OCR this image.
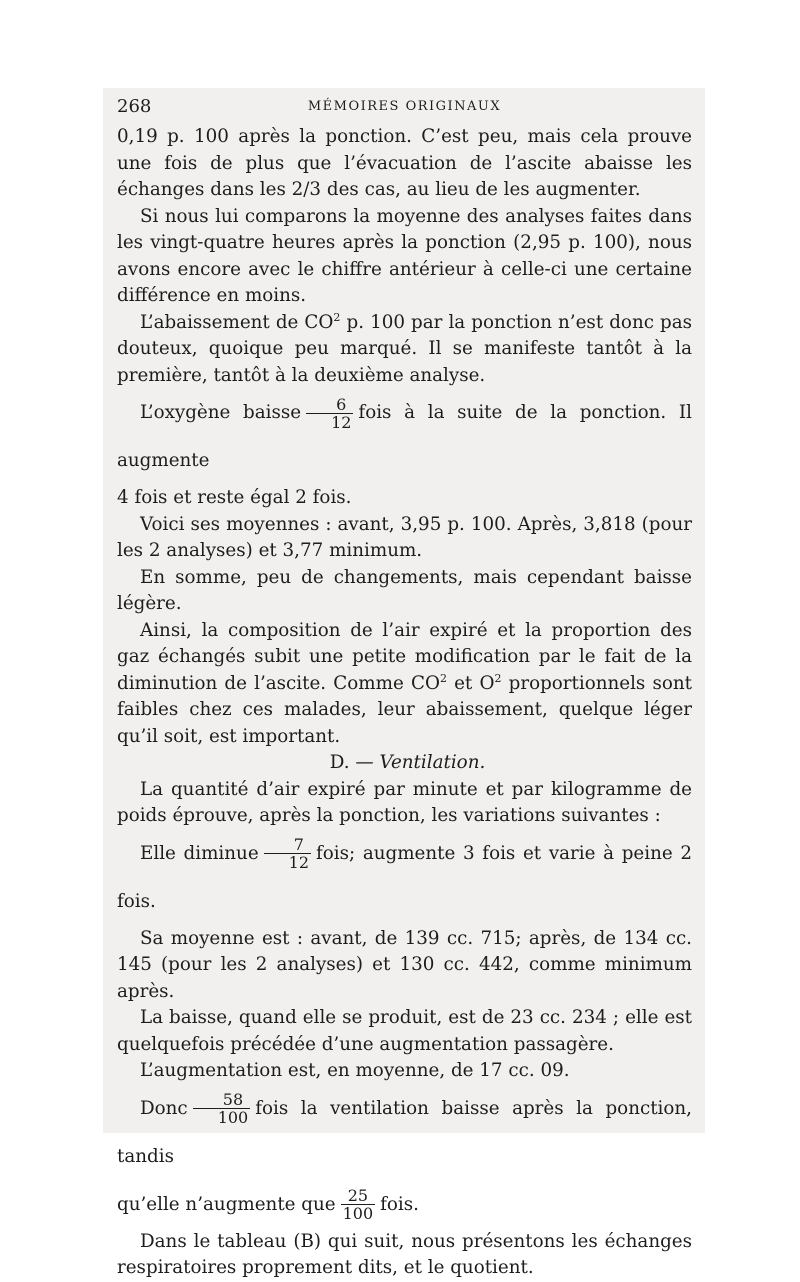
268	MÉMOIRES ORIGINAUX

0,19 p. 100 après la ponction. C’est peu, mais cela prouve une fois de plus que l’évacuation de l’ascite abaisse les échanges dans les 2/3 des cas, au lieu de les augmenter.

Si nous lui comparons la moyenne des analyses faites dans les vingt-quatre heures après la ponction (2,95 p. 100), nous avons encore avec le chiffre antérieur à celle-ci une certaine différence en moins.

L’abaissement de $CO^2$ p. 100 par la ponction n’est donc pas douteux, quoique peu marqué. Il se manifeste tantôt à la première, tantôt à la deuxième analyse.

L’oxygène baisse $\frac{6}{12}$ fois à la suite de la ponction. Il augmente

4 fois et reste égal 2 fois.

Voici ses moyennes : avant, 3,95 p. 100. Après, 3,818 (pour les 2 analyses) et 3,77 minimum.

En somme, peu de changements, mais cependant baisse légère.

Ainsi, la composition de l’air expiré et la proportion des gaz échangés subit une petite modification par le fait de la diminution de l’ascite. Comme $CO^2$ et $O^2$ proportionnels sont faibles chez ces malades, leur abaissement, quelque léger qu’il soit, est important.

D. — Ventilation.

La quantité d’air expiré par minute et par kilogramme de poids éprouve, après la ponction, les variations suivantes :

Elle diminue $\frac{7}{12}$ fois; augmente 3 fois et varie à peine 2 fois.

Sa moyenne est : avant, de 139 cc. 715; après, de 134 cc. 145 (pour les 2 analyses) et 130 cc. 442, comme minimum après.

La baisse, quand elle se produit, est de 23 cc. 234 ; elle est quelquefois précédée d’une augmentation passagère.

L’augmentation est, en moyenne, de 17 cc. 09.

Donc $\frac{58}{100}$ fois la ventilation baisse après la ponction, tandis

qu’elle n’augmente que $\frac{25}{100}$ fois.

Dans le tableau (B) qui suit, nous présentons les échanges respiratoires proprement dits, et le quotient.
